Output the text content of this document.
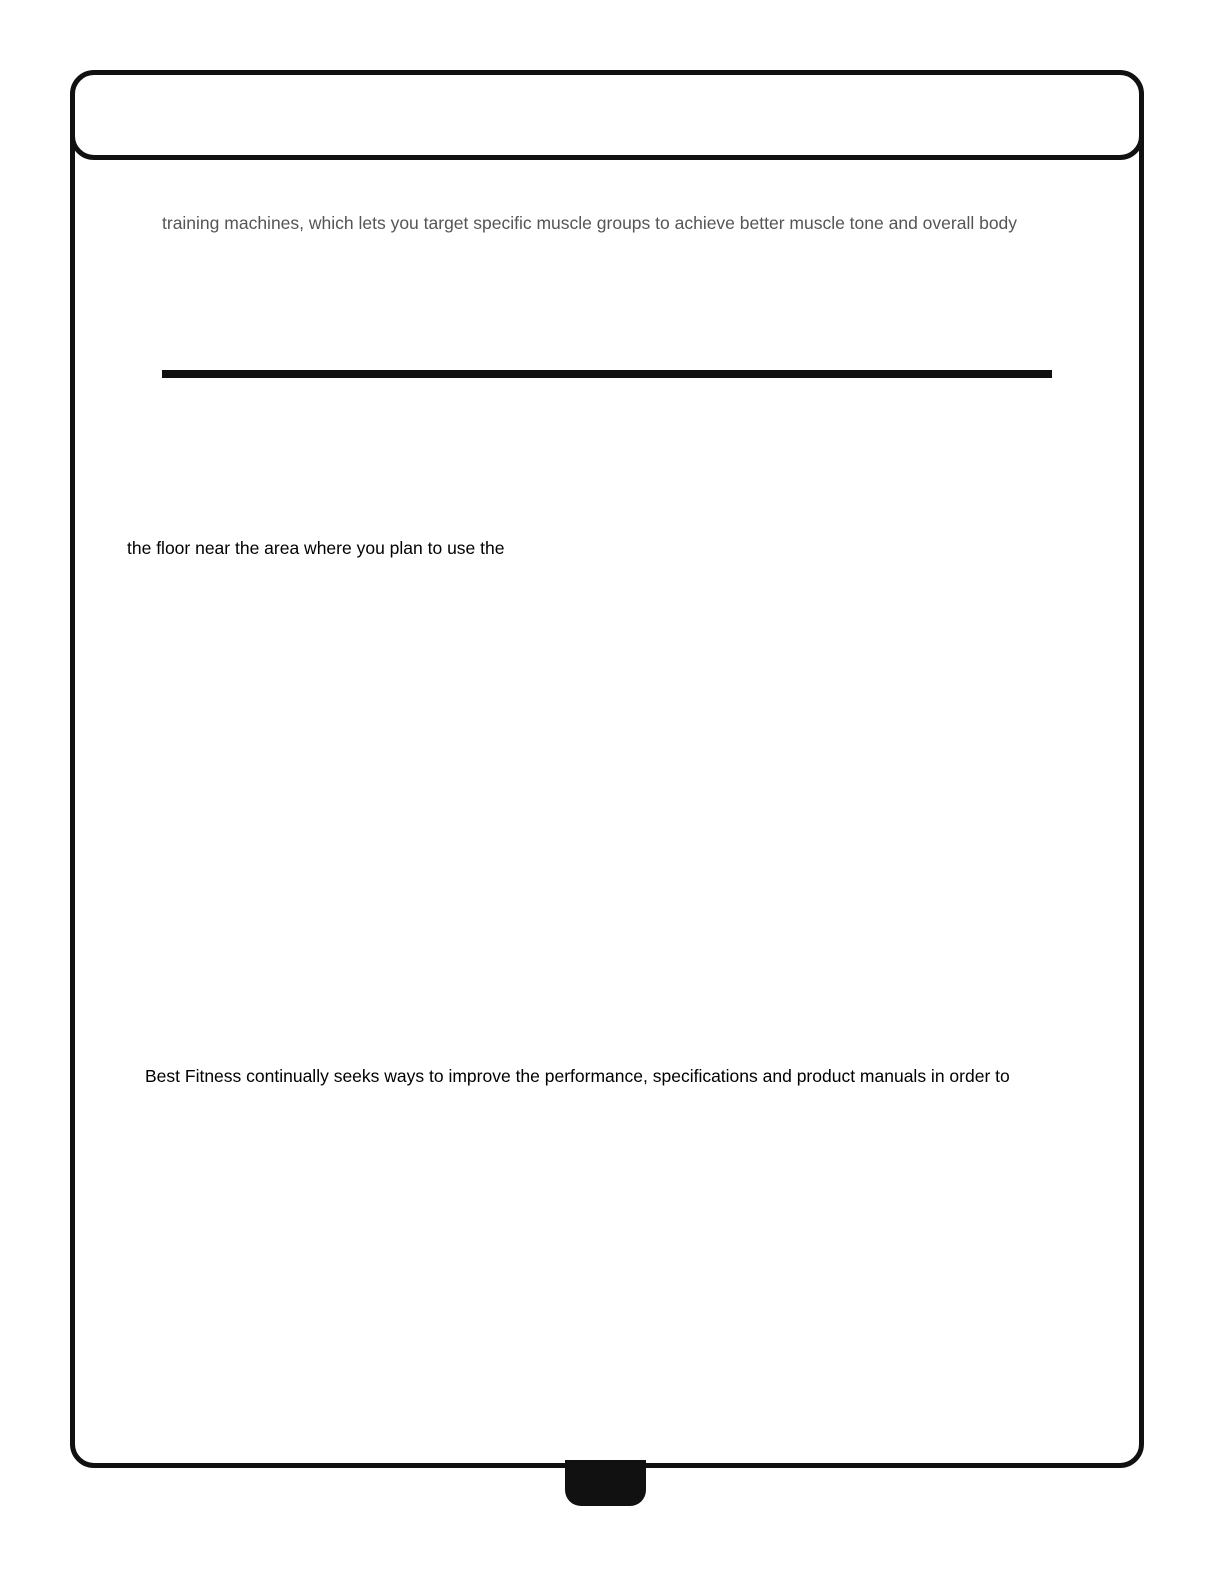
training machines, which lets you target specific muscle groups to achieve better muscle tone and overall body

the floor near the area where you plan to use the

Best Fitness continually seeks ways to improve the performance, specifications and product manuals in order to
